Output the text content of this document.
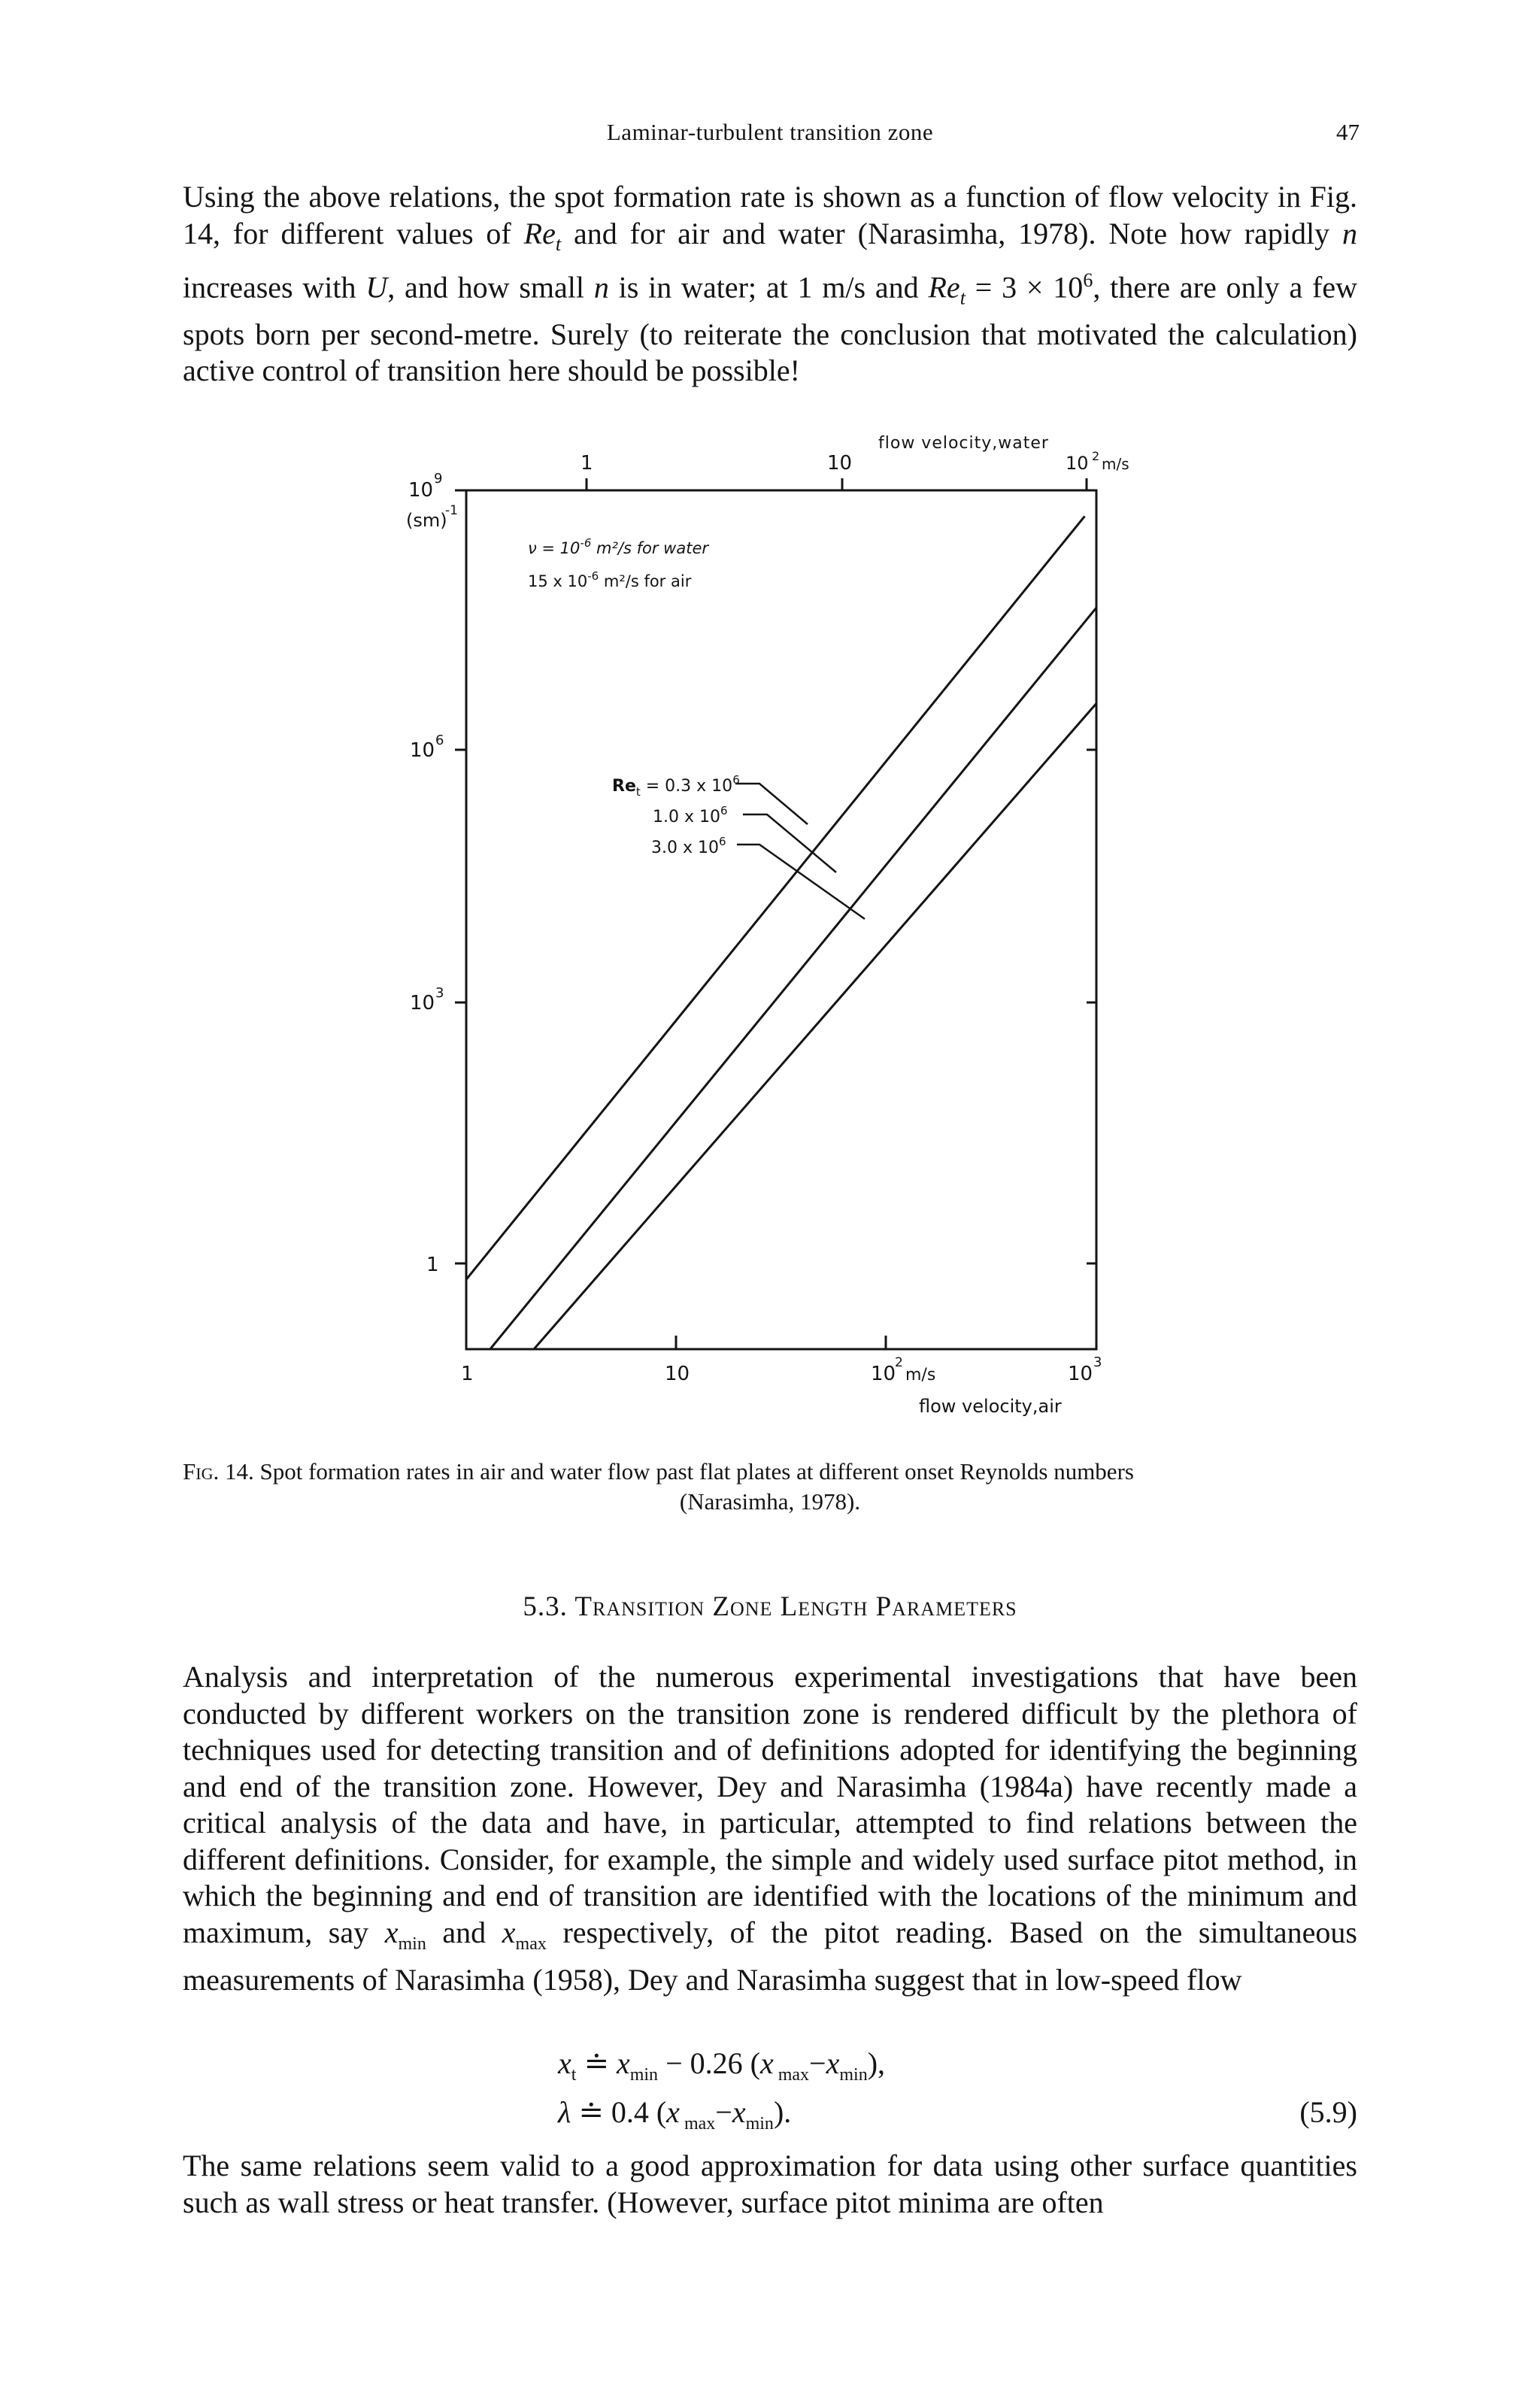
Laminar-turbulent transition zone	47
Using the above relations, the spot formation rate is shown as a function of flow velocity in Fig. 14, for different values of $Re_t$ and for air and water (Narasimha, 1978). Note how rapidly n increases with U, and how small n is in water; at 1 m/s and $Re_t = 3 \times 10^6$, there are only a few spots born per second-metre. Surely (to reiterate the conclusion that motivated the calculation) active control of transition here should be possible!
10
9
(sm)
-1
10 6
10 3
1
1	10	10
2
m/s	10
3
flow velocity,air
1	10	10 2 m/s
flow velocity,water
$\nu = 10^{-6}$ m²/s for water
15 x $10^{-6}$ m²/s for air
$Re_t = 0.3$ x $10^6$
1.0 x $10^6$
3.0 x $10^6$
Fig. 14. Spot formation rates in air and water flow past flat plates at different onset Reynolds numbers
(Narasimha, 1978).
5.3. Transition Zone Length Parameters
Analysis and interpretation of the numerous experimental investigations that have been conducted by different workers on the transition zone is rendered difficult by the plethora of techniques used for detecting transition and of definitions adopted for identifying the beginning and end of the transition zone. However, Dey and Narasimha (1984a) have recently made a critical analysis of the data and have, in particular, attempted to find relations between the different definitions. Consider, for example, the simple and widely used surface pitot method, in which the beginning and end of transition are identified with the locations of the minimum and maximum, say $x_{min}$ and $x_{max}$ respectively, of the pitot reading. Based on the simultaneous measurements of Narasimha (1958), Dey and Narasimha suggest that in low-speed flow
$x_t$ ≐ $x_{min} - 0.26$ (x $_{max}-x_{min}$),
λ ≐ 0.4 (x $_{max}-x_{min}$).	(5.9)
The same relations seem valid to a good approximation for data using other surface quantities such as wall stress or heat transfer. (However, surface pitot minima are often
